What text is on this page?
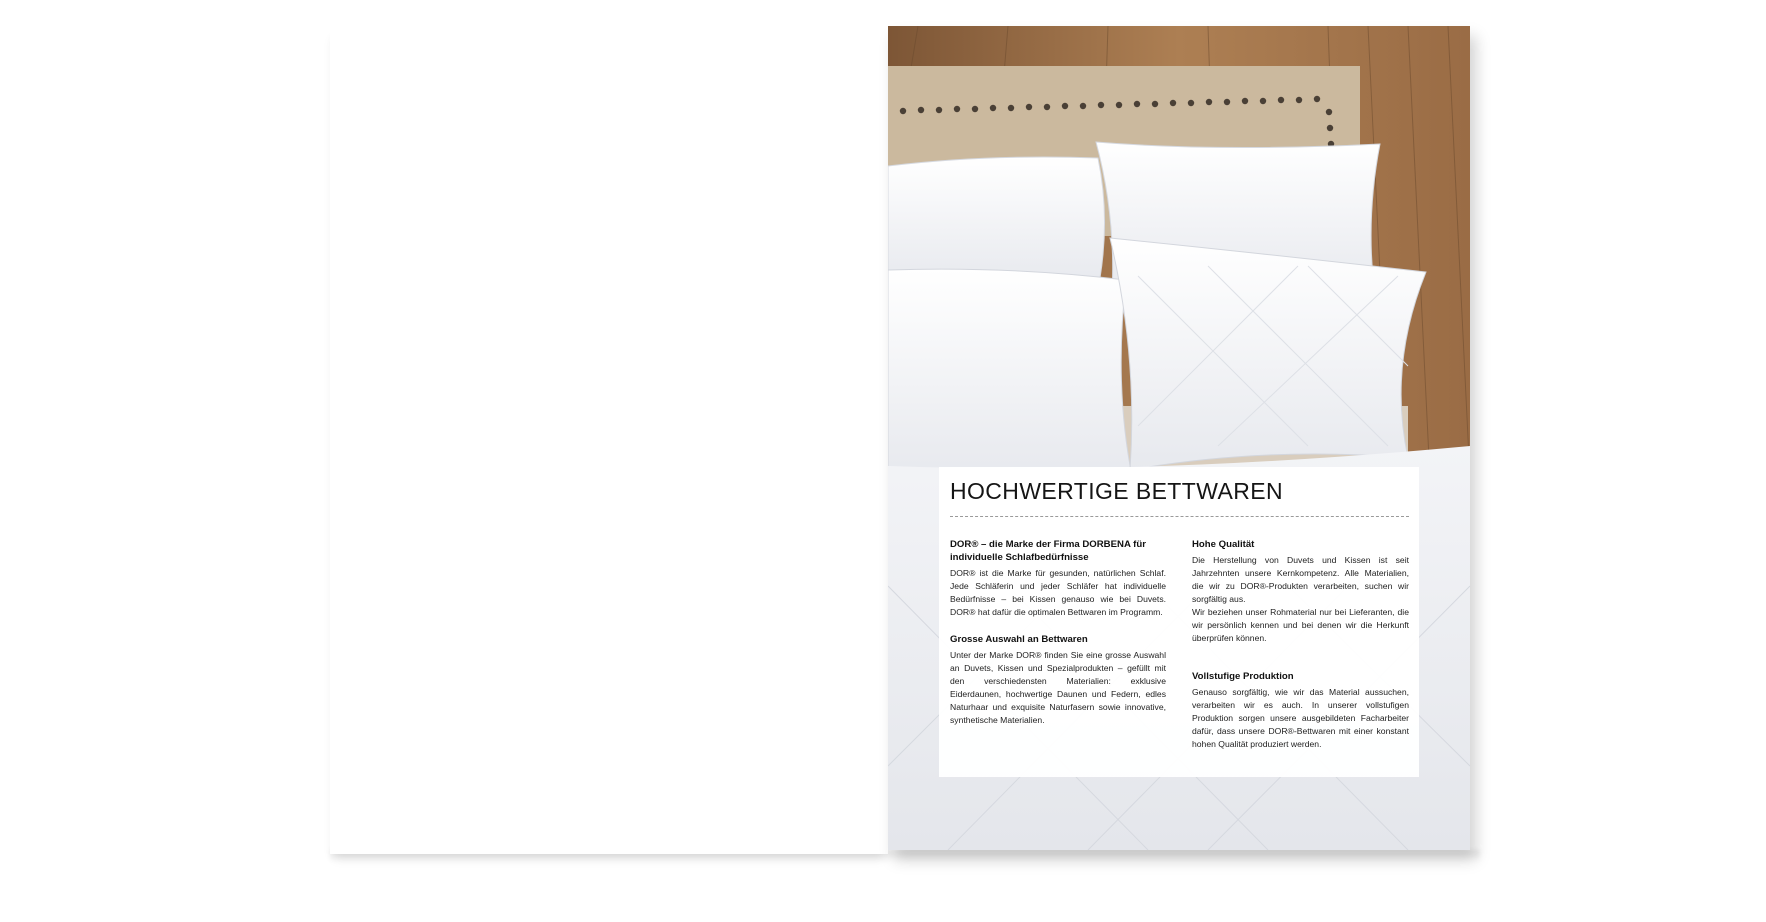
HOCHWERTIGE BETTWAREN

DOR® – die Marke der Firma DORBENA für individuelle Schlafbedürfnisse

DOR® ist die Marke für gesunden, natürlichen Schlaf. Jede Schläferin und jeder Schläfer hat individuelle Bedürfnisse – bei Kissen genauso wie bei Duvets. DOR® hat dafür die optimalen Bettwaren im Programm.

Grosse Auswahl an Bettwaren

Unter der Marke DOR® finden Sie eine grosse Auswahl an Duvets, Kissen und Spezialprodukten – gefüllt mit den verschiedensten Materialien: exklusive Eiderdaunen, hochwertige Daunen und Federn, edles Naturhaar und exquisite Naturfasern sowie innovative, synthetische Materialien.

Hohe Qualität

Die Herstellung von Duvets und Kissen ist seit Jahrzehnten unsere Kernkompetenz. Alle Materialien, die wir zu DOR®-Produkten verarbeiten, suchen wir sorgfältig aus.

Wir beziehen unser Rohmaterial nur bei Lieferanten, die wir persönlich kennen und bei denen wir die Herkunft überprüfen können.

Vollstufige Produktion

Genauso sorgfältig, wie wir das Material aussuchen, verarbeiten wir es auch. In unserer vollstufigen Produktion sorgen unsere ausgebildeten Facharbeiter dafür, dass unsere DOR®-Bettwaren mit einer konstant hohen Qualität produziert werden.
